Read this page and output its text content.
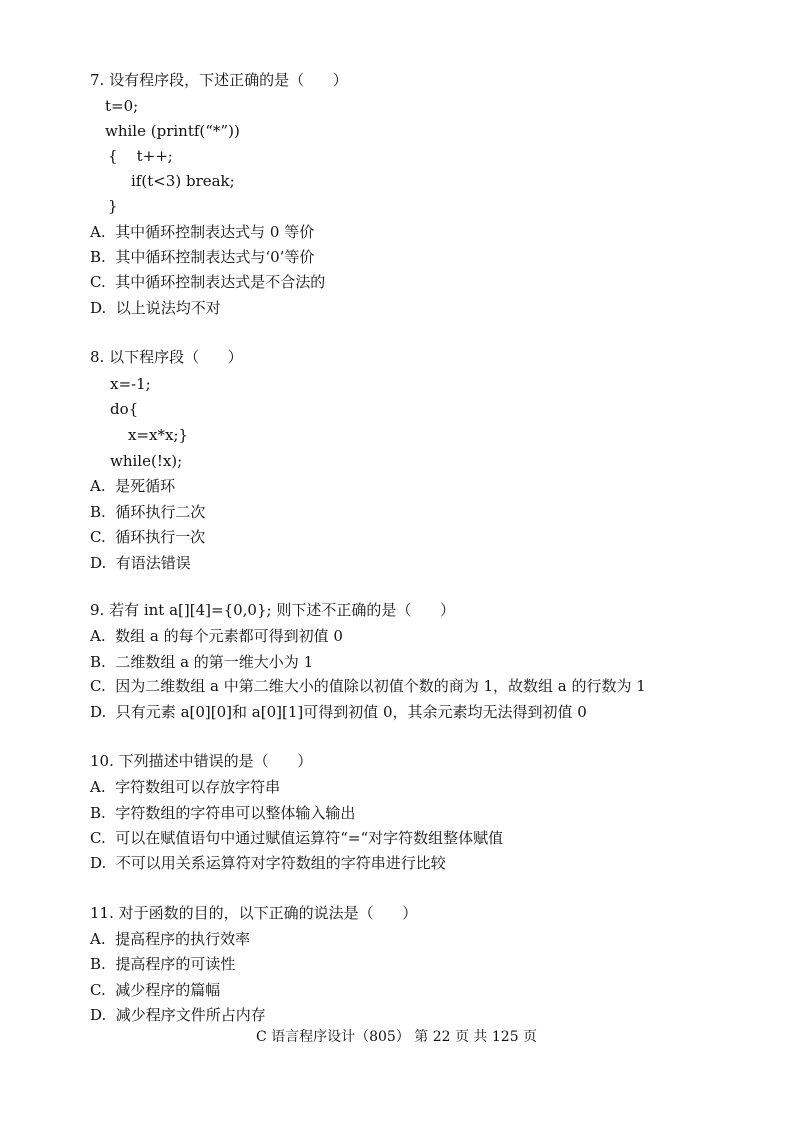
7. 设有程序段，下述正确的是（      ）
t=0;
while (printf(“*”))
{    t++;
if(t<3) break;
}
A.  其中循环控制表达式与 0 等价
B.  其中循环控制表达式与‘0’等价
C.  其中循环控制表达式是不合法的
D.  以上说法均不对
8. 以下程序段（      ）
x=-1;
do{
x=x*x;}
while(!x);
A.  是死循环
B.  循环执行二次
C.  循环执行一次
D.  有语法错误
9. 若有 int a[][4]={0,0}; 则下述不正确的是（      ）
A.  数组 a 的每个元素都可得到初值 0
B.  二维数组 a 的第一维大小为 1
C.  因为二维数组 a 中第二维大小的值除以初值个数的商为 1，故数组 a 的行数为 1
D.  只有元素 a[0][0]和 a[0][1]可得到初值 0，其余元素均无法得到初值 0
10. 下列描述中错误的是（      ）
A.  字符数组可以存放字符串
B.  字符数组的字符串可以整体输入输出
C.  可以在赋值语句中通过赋值运算符“=“对字符数组整体赋值
D.  不可以用关系运算符对字符数组的字符串进行比较
11. 对于函数的目的，以下正确的说法是（      ）
A.  提高程序的执行效率
B.  提高程序的可读性
C.  减少程序的篇幅
D.  减少程序文件所占内存
C 语言程序设计（805） 第 22 页 共 125 页
